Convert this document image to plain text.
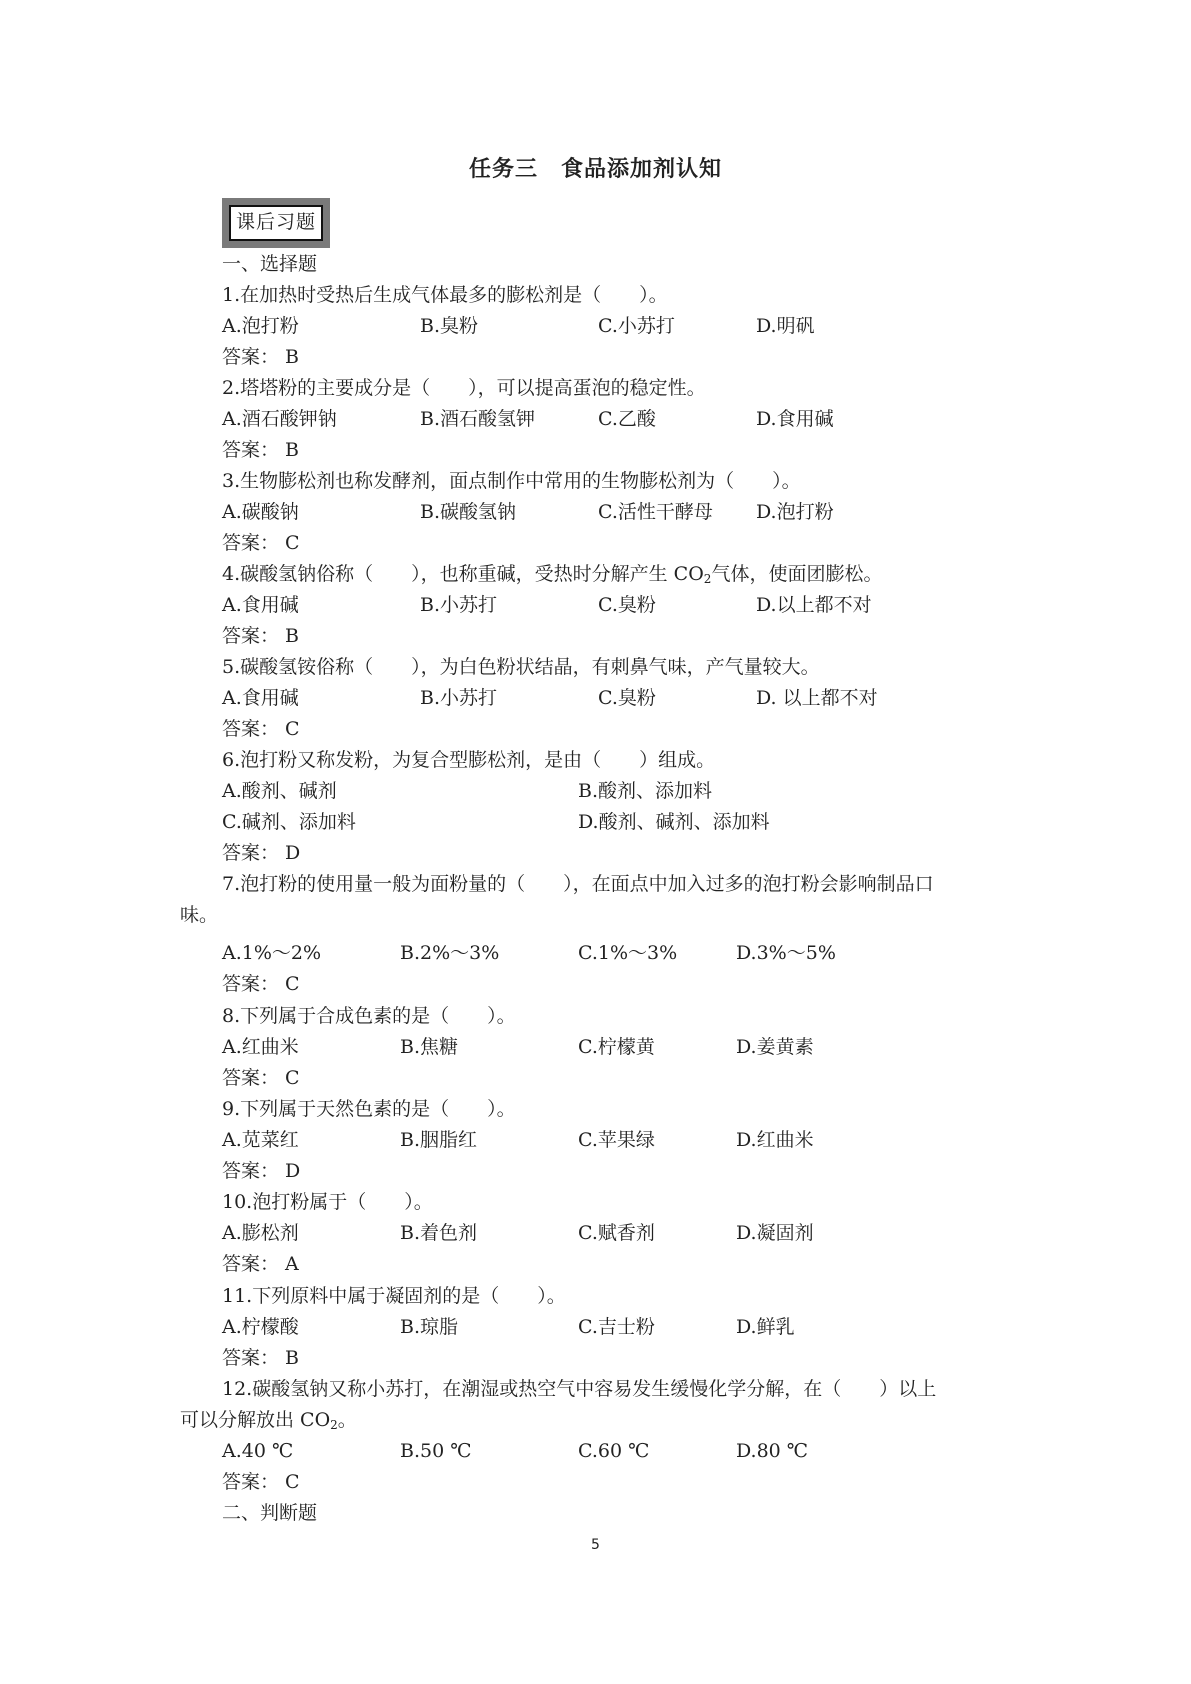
任务三　食品添加剂认知
课后习题
一、选择题
1.在加热时受热后生成气体最多的膨松剂是（　　）。
A.泡打粉	B.臭粉	C.小苏打	D.明矾
答案： B
2.塔塔粉的主要成分是（　　），可以提高蛋泡的稳定性。
A.酒石酸钾钠	B.酒石酸氢钾	C.乙酸	D.食用碱
答案： B
3.生物膨松剂也称发酵剂，面点制作中常用的生物膨松剂为（　　）。
A.碳酸钠	B.碳酸氢钠	C.活性干酵母 D.泡打粉
答案： C
4.碳酸氢钠俗称（　　），也称重碱，受热时分解产生 $CO_2$气体，使面团膨松。
A.食用碱	B.小苏打	C.臭粉	D.以上都不对
答案： B
5.碳酸氢铵俗称（　　），为白色粉状结晶，有刺鼻气味，产气量较大。
A.食用碱	B.小苏打	C.臭粉	D. 以上都不对
答案： C
6.泡打粉又称发粉，为复合型膨松剂，是由（　　）组成。
A.酸剂、碱剂	B.酸剂、添加料
C.碱剂、添加料	D.酸剂、碱剂、添加料
答案： D
7.泡打粉的使用量一般为面粉量的（　　），在面点中加入过多的泡打粉会影响制品口
味。
A.1%～2%	B.2%～3%	C.1%～3%	D.3%～5%
答案： C
8.下列属于合成色素的是（　　）。
A.红曲米	B.焦糖	C.柠檬黄	D.姜黄素
答案： C
9.下列属于天然色素的是（　　）。
A.苋菜红	B.胭脂红	C.苹果绿	D.红曲米
答案： D
10.泡打粉属于（　　）。
A.膨松剂	B.着色剂	C.赋香剂	D.凝固剂
答案： A
11.下列原料中属于凝固剂的是（　　）。
A.柠檬酸	B.琼脂	C.吉士粉	D.鲜乳
答案： B
12.碳酸氢钠又称小苏打，在潮湿或热空气中容易发生缓慢化学分解，在（　　）以上
可以分解放出 $CO_2$。
A.40 ℃	B.50 ℃	C.60 ℃	D.80 ℃
答案： C
二、判断题
5
